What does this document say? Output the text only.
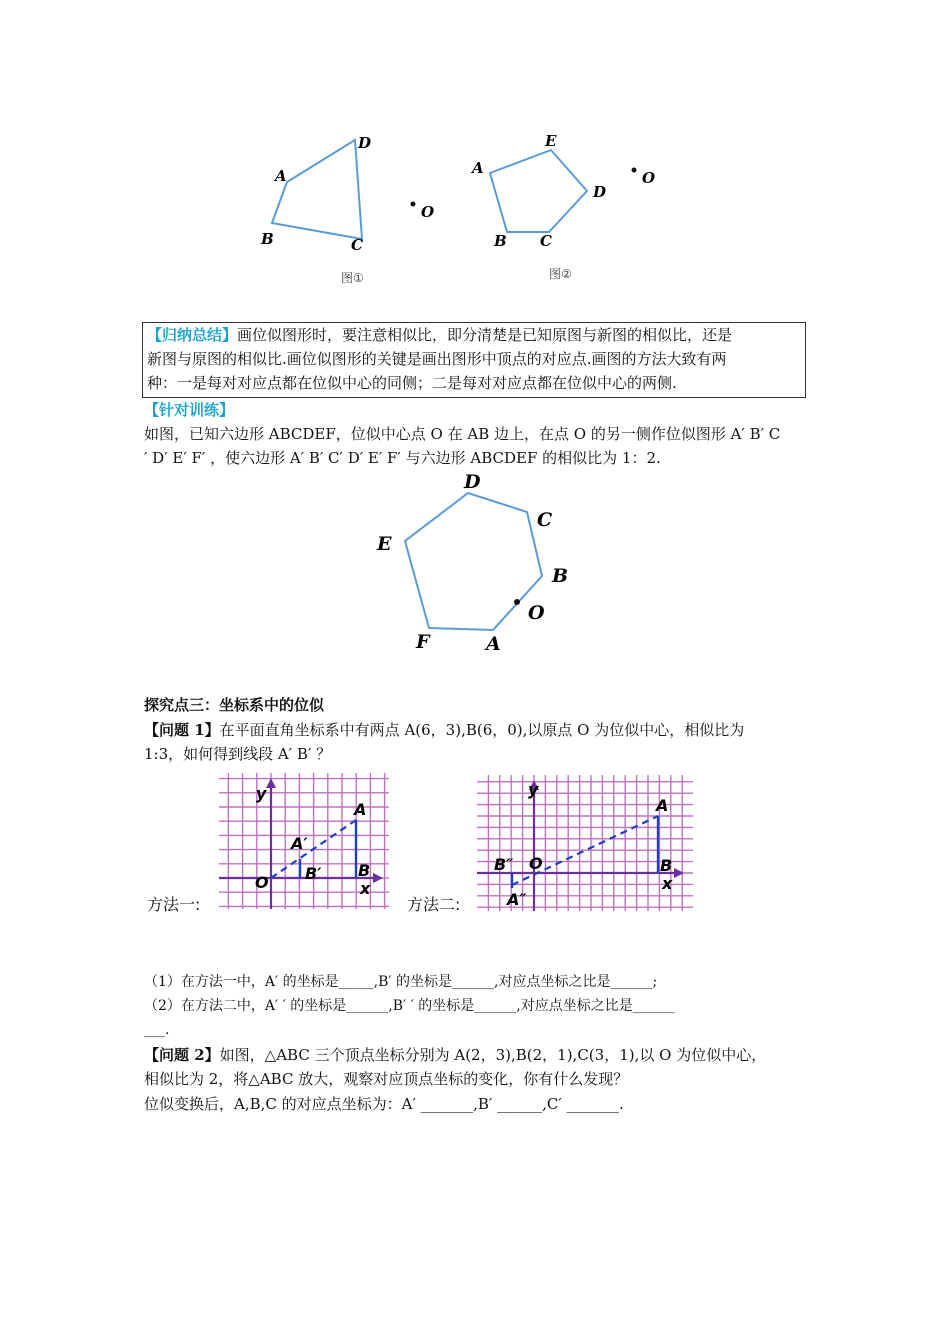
D
A
B	C
O
图①
E
A
D
B C
O
图②
【归纳总结】画位似图形时，要注意相似比，即分清楚是已知原图与新图的相似比，还是
新图与原图的相似比.画位似图形的关键是画出图形中顶点的对应点.画图的方法大致有两
种：一是每对对应点都在位似中心的同侧；二是每对对应点都在位似中心的两侧.
【针对训练】
如图，已知六边形 ABCDEF，位似中心点 O 在 AB 边上，在点 O 的另一侧作位似图形 A′ B′ C
′ D′ E′ F′ ，使六边形 A′ B′ C′ D′ E′ F′ 与六边形 ABCDEF 的相似比为 1：2.
D
C
E
B
O
F	A
探究点三：坐标系中的位似
【问题 1】在平面直角坐标系中有两点 A(6，3),B(6，0),以原点 O 为位似中心，相似比为
1:3，如何得到线段 A′ B′ ？
y
O
A′
B′
A
B
x
方法一:
y
O
B″
A″
A
B
x
方法二:
（1）在方法一中，A′ 的坐标是_____,B′ 的坐标是______,对应点坐标之比是______;
（2）在方法二中，A′ ′ 的坐标是______,B′ ′ 的坐标是______,对应点坐标之比是______
___.
【问题 2】如图，△ABC 三个顶点坐标分别为 A(2，3),B(2，1),C(3，1),以 O 为位似中心，
相似比为 2，将△ABC 放大，观察对应顶点坐标的变化，你有什么发现？
位似变换后，A,B,C 的对应点坐标为：A′ _______,B′ ______,C′ _______.
